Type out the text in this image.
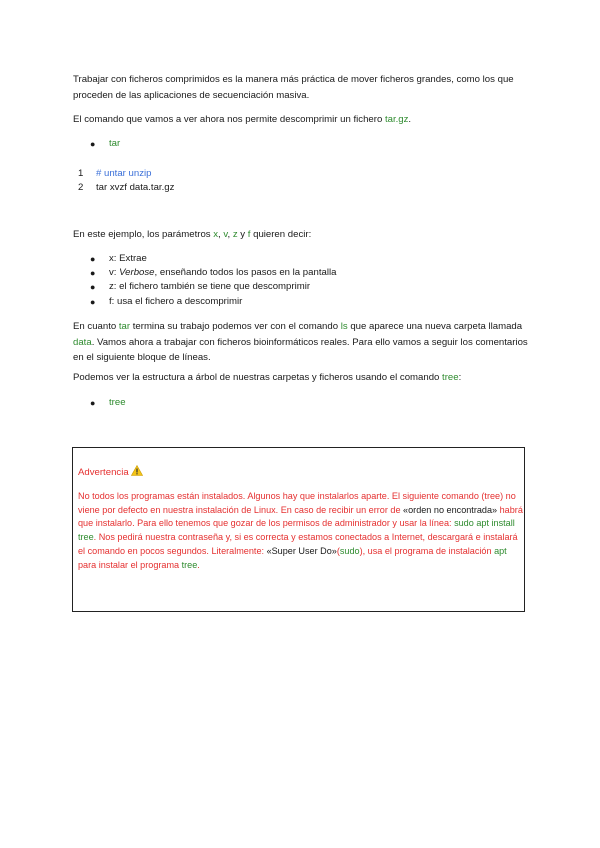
Trabajar con ficheros comprimidos es la manera más práctica de mover ficheros grandes, como los que proceden de las aplicaciones de secuenciación masiva.

El comando que vamos a ver ahora nos permite descomprimir un fichero tar.gz.

● tar
1	# untar unzip
2	tar xvzf data.tar.gz

En este ejemplo, los parámetros x, v, z y f quieren decir:

● x: Extrae
● v: Verbose, enseñando todos los pasos en la pantalla
● z: el fichero también se tiene que descomprimir
● f: usa el fichero a descomprimir

En cuanto tar termina su trabajo podemos ver con el comando ls que aparece una nueva carpeta llamada data. Vamos ahora a trabajar con ficheros bioinformáticos reales. Para ello vamos a seguir los comentarios en el siguiente bloque de líneas.

Podemos ver la estructura a árbol de nuestras carpetas y ficheros usando el comando tree:

● tree
Advertencia
No todos los programas están instalados. Algunos hay que instalarlos aparte. El siguiente comando (tree) no viene por defecto en nuestra instalación de Linux. En caso de recibir un error de «orden no encontrada» habrá que instalarlo. Para ello tenemos que gozar de los permisos de administrador y usar la línea: sudo apt install tree. Nos pedirá nuestra contraseña y, si es correcta y estamos conectados a Internet, descargará e instalará el comando en pocos segundos. Literalmente: «Super User Do»(sudo), usa el programa de instalación apt para instalar el programa tree.
